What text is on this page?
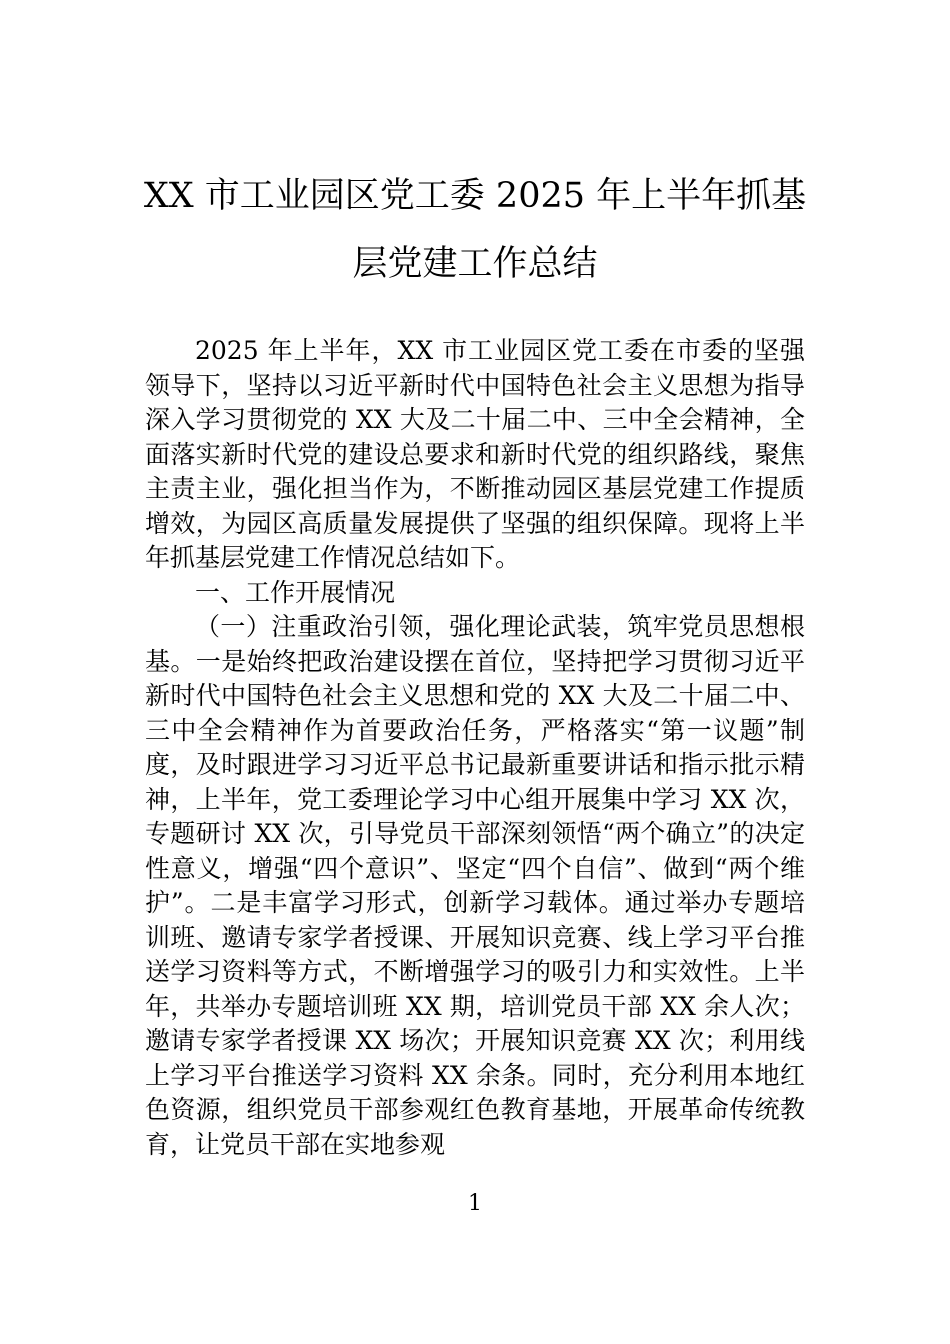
XX 市工业园区党工委 2025 年上半年抓基
层党建工作总结

2025 年上半年，XX 市工业园区党工委在市委的坚强领导下，坚持以习近平新时代中国特色社会主义思想为指导深入学习贯彻党的 XX 大及二十届二中、三中全会精神，全面落实新时代党的建设总要求和新时代党的组织路线，聚焦主责主业，强化担当作为，不断推动园区基层党建工作提质增效，为园区高质量发展提供了坚强的组织保障。现将上半年抓基层党建工作情况总结如下。

一、工作开展情况

（一）注重政治引领，强化理论武装，筑牢党员思想根基。一是始终把政治建设摆在首位，坚持把学习贯彻习近平新时代中国特色社会主义思想和党的 XX 大及二十届二中、三中全会精神作为首要政治任务，严格落实“第一议题”制度，及时跟进学习习近平总书记最新重要讲话和指示批示精神，上半年，党工委理论学习中心组开展集中学习 XX 次，专题研讨 XX 次，引导党员干部深刻领悟“两个确立”的决定性意义，增强“四个意识”、坚定“四个自信”、做到“两个维护”。二是丰富学习形式，创新学习载体。通过举办专题培训班、邀请专家学者授课、开展知识竞赛、线上学习平台推送学习资料等方式，不断增强学习的吸引力和实效性。上半年，共举办专题培训班 XX 期，培训党员干部 XX 余人次；邀请专家学者授课 XX 场次；开展知识竞赛 XX 次；利用线上学习平台推送学习资料 XX 余条。同时，充分利用本地红色资源，组织党员干部参观红色教育基地，开展革命传统教育，让党员干部在实地参观

1
